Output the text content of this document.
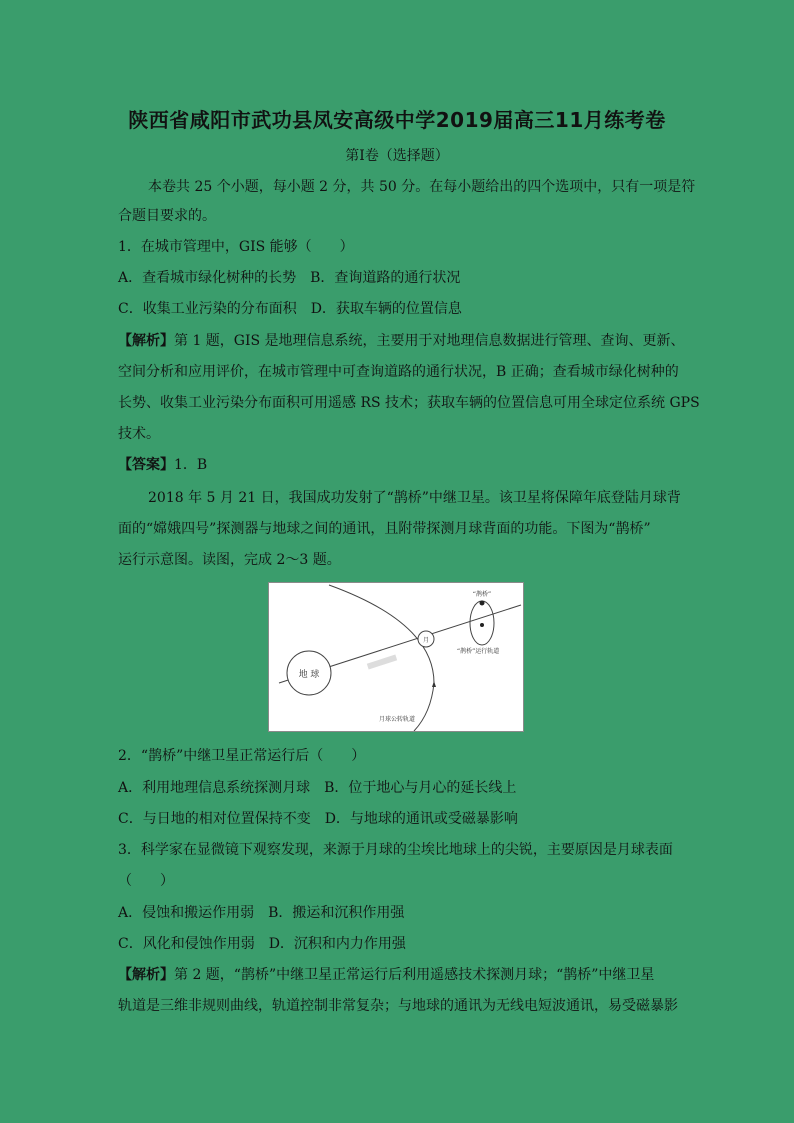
陕西省咸阳市武功县凤安高级中学2019届高三11月练考卷
第Ⅰ卷（选择题）
本卷共 25 个小题，每小题 2 分，共 50 分。在每小题给出的四个选项中，只有一项是符
合题目要求的。
1．在城市管理中，GIS 能够（　　）
A．查看城市绿化树种的长势　B．查询道路的通行状况
C．收集工业污染的分布面积　D．获取车辆的位置信息
【解析】第 1 题，GIS 是地理信息系统，主要用于对地理信息数据进行管理、查询、更新、
空间分析和应用评价，在城市管理中可查询道路的通行状况，B 正确；查看城市绿化树种的
长势、收集工业污染分布面积可用遥感 RS 技术；获取车辆的位置信息可用全球定位系统 GPS
技术。
【答案】1．B
2018 年 5 月 21 日，我国成功发射了“鹊桥”中继卫星。该卫星将保障年底登陆月球背
面的“嫦娥四号”探测器与地球之间的通讯，且附带探测月球背面的功能。下图为“鹊桥”
运行示意图。读图，完成 2～3 题。
地 球
月
“鹊桥”
“鹊桥”运行轨道
月球公转轨道
2．“鹊桥”中继卫星正常运行后（　　）
A．利用地理信息系统探测月球　B．位于地心与月心的延长线上
C．与日地的相对位置保持不变　D．与地球的通讯或受磁暴影响
3．科学家在显微镜下观察发现，来源于月球的尘埃比地球上的尖锐，主要原因是月球表面
（　　）
A．侵蚀和搬运作用弱　B．搬运和沉积作用强
C．风化和侵蚀作用弱　D．沉积和内力作用强
【解析】第 2 题，“鹊桥”中继卫星正常运行后利用遥感技术探测月球；“鹊桥”中继卫星
轨道是三维非规则曲线，轨道控制非常复杂；与地球的通讯为无线电短波通讯，易受磁暴影
